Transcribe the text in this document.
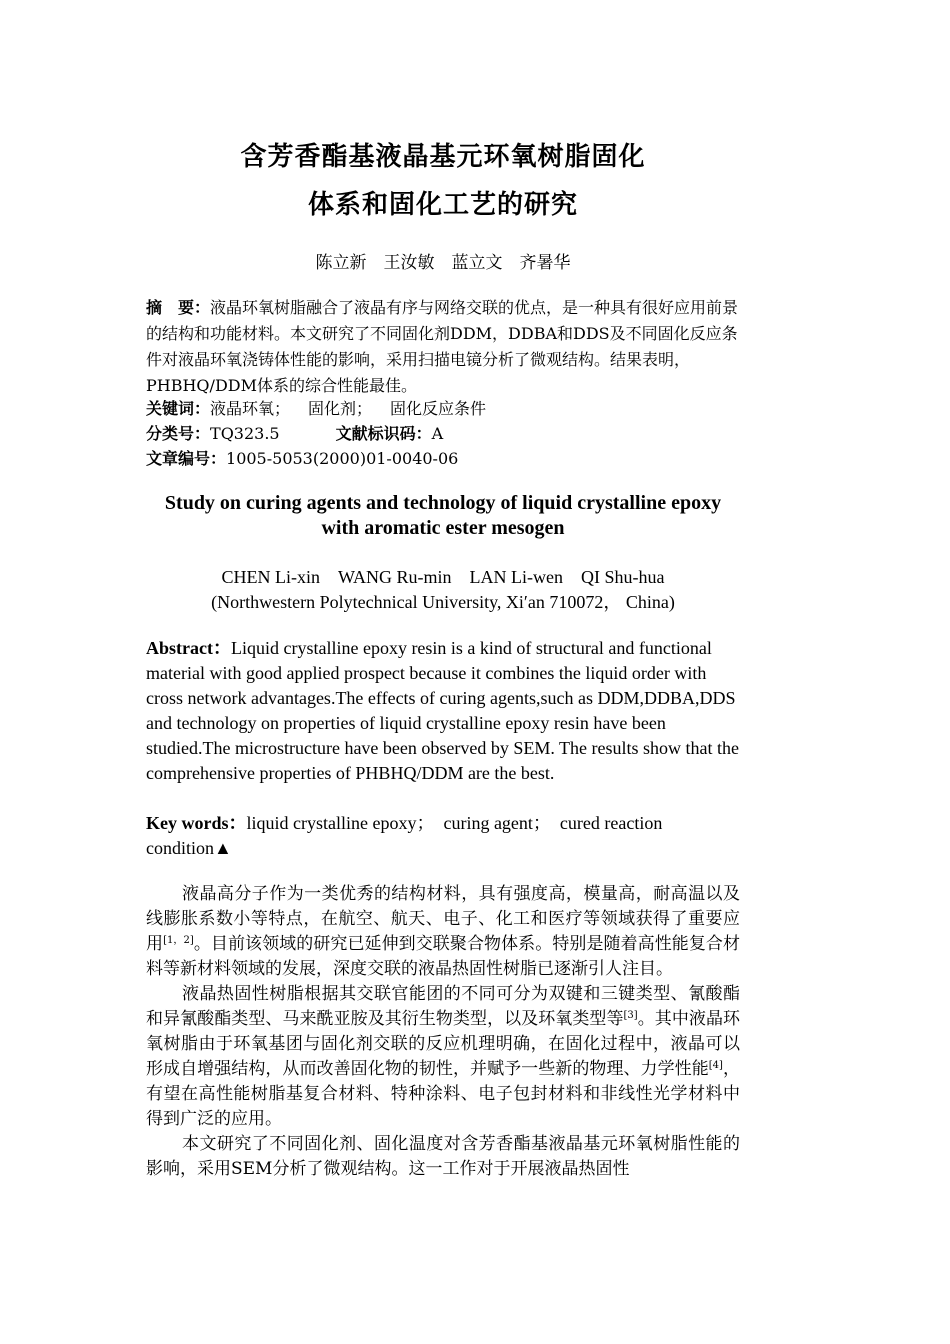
含芳香酯基液晶基元环氧树脂固化
体系和固化工艺的研究
陈立新　王汝敏　蓝立文　齐暑华
摘　要：液晶环氧树脂融合了液晶有序与网络交联的优点，是一种具有很好应用前景的结构和功能材料。本文研究了不同固化剂DDM，DDBA和DDS及不同固化反应条件对液晶环氧浇铸体性能的影响，采用扫描电镜分析了微观结构。结果表明，PHBHQ/DDM体系的综合性能最佳。
关键词：液晶环氧； 固化剂； 固化反应条件
分类号：TQ323.5	文献标识码：A
文章编号：1005-5053(2000)01-0040-06
Study on curing agents and technology of liquid crystalline epoxy with aromatic ester mesogen
CHEN Li-xin　WANG Ru-min　LAN Li-wen　QI Shu-hua
(Northwestern Polytechnical University, Xi′an 710072， China)
Abstract：Liquid crystalline epoxy resin is a kind of structural and functional material with good applied prospect because it combines the liquid order with cross network advantages.The effects of curing agents,such as DDM,DDBA,DDS and technology on properties of liquid crystalline epoxy resin have been studied.The microstructure have been observed by SEM. The results show that the comprehensive properties of PHBHQ/DDM are the best.
Key words：liquid crystalline epoxy；　curing agent；　cured reaction condition▲

液晶高分子作为一类优秀的结构材料，具有强度高，模量高，耐高温以及线膨胀系数小等特点，在航空、航天、电子、化工和医疗等领域获得了重要应用[1，2]。目前该领域的研究已延伸到交联聚合物体系。特别是随着高性能复合材料等新材料领域的发展，深度交联的液晶热固性树脂已逐渐引人注目。

液晶热固性树脂根据其交联官能团的不同可分为双键和三键类型、氰酸酯和异氰酸酯类型、马来酰亚胺及其衍生物类型，以及环氧类型等[3]。其中液晶环氧树脂由于环氧基团与固化剂交联的反应机理明确，在固化过程中，液晶可以形成自增强结构，从而改善固化物的韧性，并赋予一些新的物理、力学性能[4]，有望在高性能树脂基复合材料、特种涂料、电子包封材料和非线性光学材料中得到广泛的应用。

本文研究了不同固化剂、固化温度对含芳香酯基液晶基元环氧树脂性能的影响，采用SEM分析了微观结构。这一工作对于开展液晶热固性
